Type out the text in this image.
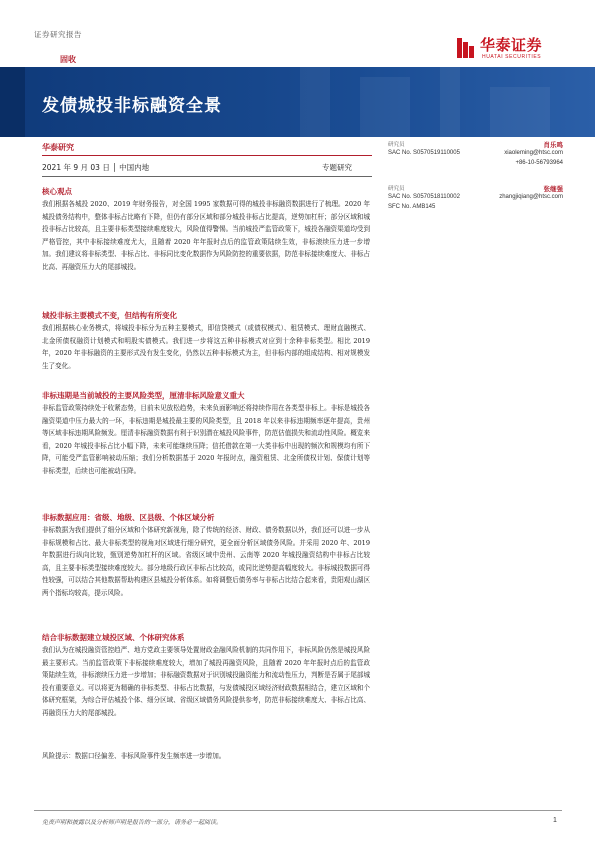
证券研究报告
固收
华泰证券
HUATAI SECURITIES
发债城投非标融资全景
华泰研究
2021 年 9 月 03 日 │ 中国内地	专题研究
研究员	肖乐鸣
SAC No. S0570519110005	xiaoleming@htsc.com
+86-10-56793964
研究员	张继强
SAC No. S0570518110002	zhangjiqiang@htsc.com
SFC No. AMB145
核心观点
我们根据各城投 2020、2019 年财务报告，对全国 1995 家数据可得的城投非标融资数据进行了梳理。2020 年城投债务结构中，整体非标占比略有下降，但仍有部分区域和部分城投非标占比提高，逆势加杠杆；部分区域和城投非标占比较高，且主要非标类型接续难度较大，风险值得警惕。当前城投严监管政策下，城投各融资渠道均受到严格管控，其中非标接续难度尤大，且随着 2020 年年报时点后的监管政策陆续生效，非标滚续压力进一步增加。我们建议将非标类型、非标占比、非标同比变化数据作为风险防控的重要依据，防范非标接续难度大、非标占比高、再融资压力大的尾部城投。
城投非标主要模式不变，但结构有所变化
我们根据核心业务模式，将城投非标分为五种主要模式，即信贷模式（或债权模式）、租赁模式、理财直融模式、北金所债权融资计划模式和明股实债模式。我们进一步将这五种非标模式对应到十余种非标类型。相比 2019 年，2020 年非标融资的主要形式没有发生变化，仍然以五种非标模式为主，但非标内部的组成结构、相对规模发生了变化。
非标违期是当前城投的主要风险类型，厘清非标风险意义重大
非标监管政策持续处于收紧态势，目前未见放松趋势，未来负面影响还将持续作用在各类型非标上。非标是城投各融资渠道中压力最大的一环，非标违期是城投最主要的风险类型，且 2018 年以来非标违期频率逐年提高，贵州等区域非标违期风险频发。厘清非标融资数据有利于识别潜在城投风险事件，防范估值损失和流动性风险。概览来看，2020 年城投非标占比小幅下降，未来可能继续压降；信托借款在第一大类非标中出现的频次和规模均有所下降，可能受严监管影响被动压缩；我们分析数据基于 2020 年报时点，融资租赁、北金所债权计划、保债计划等非标类型，后续也可能被动压降。
非标数据应用：省级、地级、区县级、个体区域分析
非标数据为我们提供了细分区域和个体研究新视角，除了传统的经济、财政、债务数据以外，我们还可以进一步从非标规模和占比、最大非标类型的视角对区域进行细分研究，更全面分析区域债务风险。并采用 2020 年、2019 年数据进行纵向比较，甄别逆势加杠杆的区域。省级区域中贵州、云南等 2020 年城投融资结构中非标占比较高，且主要非标类型接续难度较大。部分地级行政区非标占比较高，或同比逆势提高幅度较大。非标城投数据可得性较强，可以结合其他数据帮助构建区县城投分析体系。如将调整后债务率与非标占比结合起来看，贵阳观山湖区两个指标均较高，提示风险。
结合非标数据建立城投区域、个体研究体系
我们认为在城投融资管控趋严、地方党政主要领导处置财政金融风险机制的共同作用下，非标风险仍然是城投风险最主要形式。当前监管政策下非标接续难度较大，增加了城投再融资风险，且随着 2020 年年报时点后的监管政策陆续生效，非标滚续压力进一步增加；非标融资数据对于识别城投融资能力和流动性压力，判断是否属于尾部城投有重要意义。可以将更为精确的非标类型、非标占比数据，与发债城投区域经济财政数据相结合，建立区域和个体研究框架，为综合评估城投个体、细分区域、省级区域债务风险提供参考，防范非标接续难度大、非标占比高、再融资压力大的尾部城投。
风险提示：数据口径偏差、非标风险事件发生频率进一步增加。
免责声明和披露以及分析师声明是报告的一部分，请务必一起阅读。	1
